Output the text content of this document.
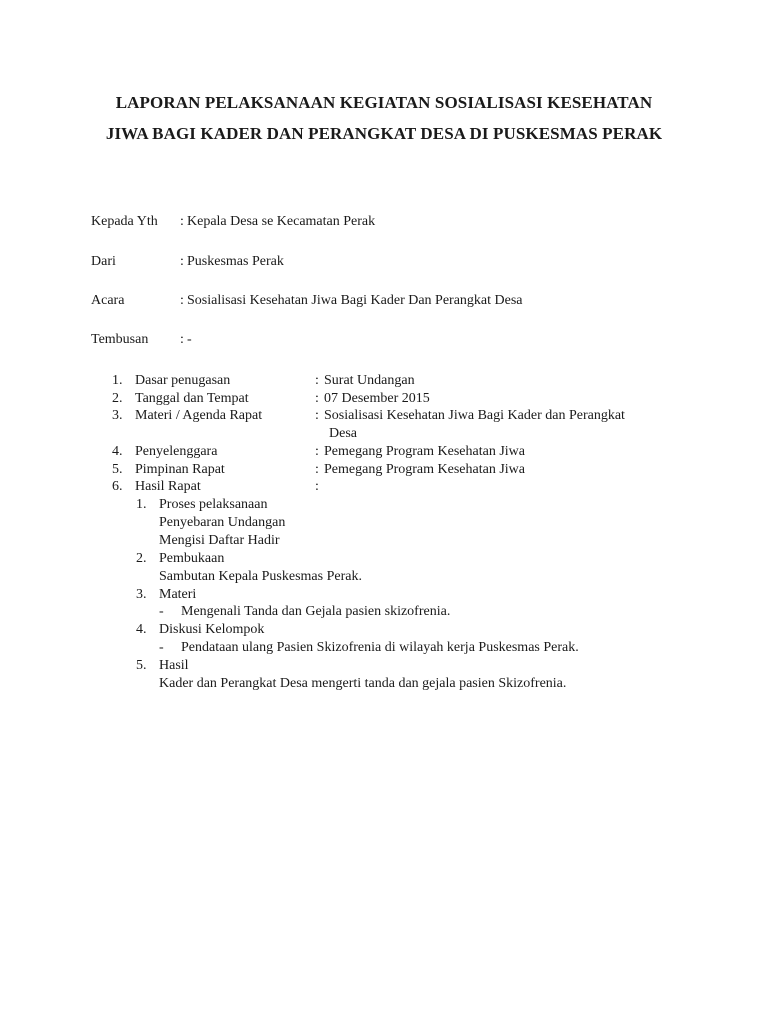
LAPORAN PELAKSANAAN KEGIATAN SOSIALISASI KESEHATAN
JIWA BAGI KADER DAN PERANGKAT DESA DI PUSKESMAS PERAK
Kepada Yth : Kepala Desa se Kecamatan Perak
Dari	: Puskesmas Perak
Acara	: Sosialisasi Kesehatan Jiwa Bagi Kader Dan Perangkat Desa
Tembusan : -
1. Dasar penugasan	: Surat Undangan
2. Tanggal dan Tempat	: 07 Desember 2015
3. Materi / Agenda Rapat	: Sosialisasi Kesehatan Jiwa Bagi Kader dan Perangkat
Desa
4. Penyelenggara	: Pemegang Program Kesehatan Jiwa
5. Pimpinan Rapat	: Pemegang Program Kesehatan Jiwa
6. Hasil Rapat	:
1. Proses pelaksanaan
Penyebaran Undangan
Mengisi Daftar Hadir
2. Pembukaan
Sambutan Kepala Puskesmas Perak.
3. Materi
- Mengenali Tanda dan Gejala pasien skizofrenia.
4. Diskusi Kelompok
- Pendataan ulang Pasien Skizofrenia di wilayah kerja Puskesmas Perak.
5. Hasil
Kader dan Perangkat Desa mengerti tanda dan gejala pasien Skizofrenia.
